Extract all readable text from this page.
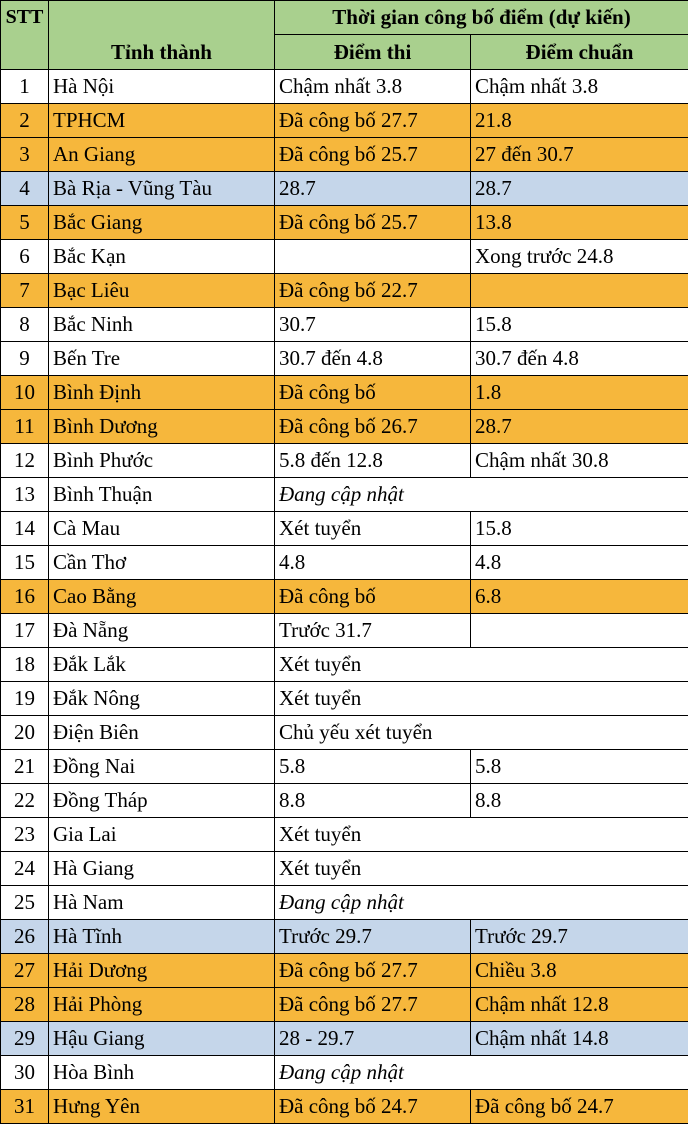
STT	Tỉnh thành	Thời gian công bố điểm (dự kiến)	
		Điểm thi	Điểm chuẩn
1	Hà Nội	Chậm nhất 3.8	Chậm nhất 3.8
2	TPHCM	Đã công bố 27.7	21.8
3	An Giang	Đã công bố 25.7	27 đến 30.7
4	Bà Rịa - Vũng Tàu	28.7	28.7
5	Bắc Giang	Đã công bố 25.7	13.8
6	Bắc Kạn		Xong trước 24.8
7	Bạc Liêu	Đã công bố 22.7	
8	Bắc Ninh	30.7	15.8
9	Bến Tre	30.7 đến 4.8	30.7 đến 4.8
10	Bình Định	Đã công bố	1.8
11	Bình Dương	Đã công bố 26.7	28.7
12	Bình Phước	5.8 đến 12.8	Chậm nhất 30.8
13	Bình Thuận	Đang cập nhật	
14	Cà Mau	Xét tuyển	15.8
15	Cần Thơ	4.8	4.8
16	Cao Bằng	Đã công bố	6.8
17	Đà Nẵng	Trước 31.7	
18	Đắk Lắk	Xét tuyển	
19	Đắk Nông	Xét tuyển	
20	Điện Biên	Chủ yếu xét tuyển	
21	Đồng Nai	5.8	5.8
22	Đồng Tháp	8.8	8.8
23	Gia Lai	Xét tuyển	
24	Hà Giang	Xét tuyển	
25	Hà Nam	Đang cập nhật	
26	Hà Tĩnh	Trước 29.7	Trước 29.7
27	Hải Dương	Đã công bố 27.7	Chiều 3.8
28	Hải Phòng	Đã công bố 27.7	Chậm nhất 12.8
29	Hậu Giang	28 - 29.7	Chậm nhất 14.8
30	Hòa Bình	Đang cập nhật	
31	Hưng Yên	Đã công bố 24.7	Đã công bố 24.7
